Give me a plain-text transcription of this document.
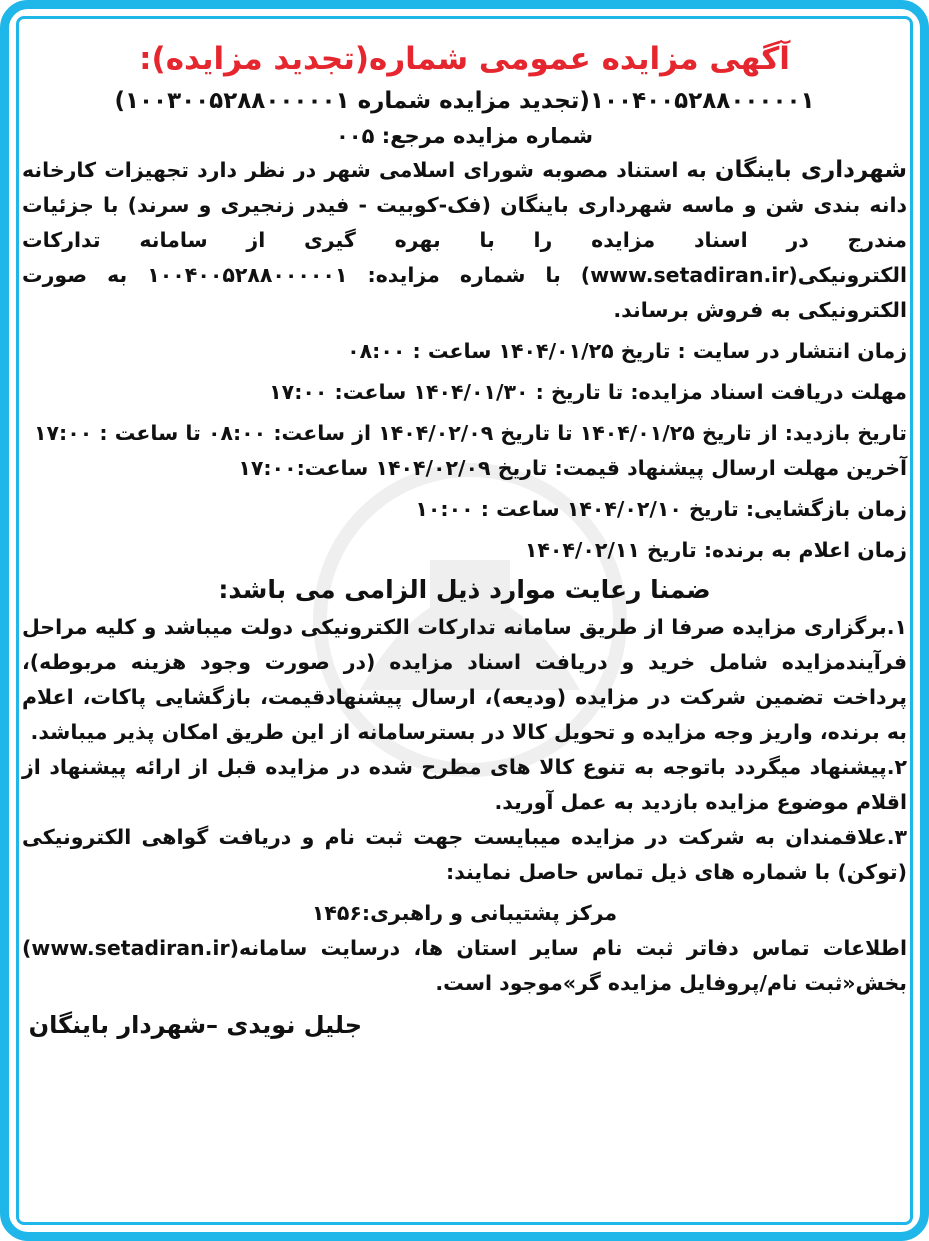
آگهی مزایده عمومی شماره(تجدید مزایده):
۱۰۰۴۰۰۵۲۸۸۰۰۰۰۰۱(تجدید مزایده شماره ۱۰۰۳۰۰۵۲۸۸۰۰۰۰۰۱)
شماره مزایده مرجع: ۰۰۵

شهرداری باینگان به استناد مصوبه شورای اسلامی شهر در نظر دارد تجهیزات کارخانه دانه بندی شن و ماسه شهرداری باینگان (فک-کوبیت - فیدر زنجیری و سرند) با جزئیات مندرج در اسناد مزایده را با بهره گیری از سامانه تدارکات الکترونیکی(www.setadiran.ir) با شماره مزایده: ۱۰۰۴۰۰۵۲۸۸۰۰۰۰۰۱ به صورت الکترونیکی به فروش برساند.

زمان انتشار در سایت : تاریخ ۱۴۰۴/۰۱/۲۵ ساعت : ۰۸:۰۰

مهلت دریافت اسناد مزایده: تا تاریخ : ۱۴۰۴/۰۱/۳۰ ساعت: ۱۷:۰۰

تاریخ بازدید: از تاریخ ۱۴۰۴/۰۱/۲۵ تا تاریخ ۱۴۰۴/۰۲/۰۹ از ساعت: ۰۸:۰۰ تا ساعت : ۱۷:۰۰

آخرین مهلت ارسال پیشنهاد قیمت: تاریخ ۱۴۰۴/۰۲/۰۹ ساعت:۱۷:۰۰

زمان بازگشایی: تاریخ ۱۴۰۴/۰۲/۱۰ ساعت : ۱۰:۰۰

زمان اعلام به برنده: تاریخ ۱۴۰۴/۰۲/۱۱

ضمنا رعایت موارد ذیل الزامی می باشد:

۱.برگزاری مزایده صرفا از طریق سامانه تدارکات الکترونیکی دولت میباشد و کلیه مراحل فرآیندمزایده شامل خرید و دریافت اسناد مزایده (در صورت وجود هزینه مربوطه)، پرداخت تضمین شرکت در مزایده (ودیعه)، ارسال پیشنهادقیمت، بازگشایی پاکات، اعلام به برنده، واریز وجه مزایده و تحویل کالا در بسترسامانه از این طریق امکان پذیر میباشد.

۲.پیشنهاد میگردد باتوجه به تنوع کالا های مطرح شده در مزایده قبل از ارائه پیشنهاد از اقلام موضوع مزایده بازدید به عمل آورید.

۳.علاقمندان به شرکت در مزایده میبایست جهت ثبت نام و دریافت گواهی الکترونیکی (توکن) با شماره های ذیل تماس حاصل نمایند:

مرکز پشتیبانی و راهبری:۱۴۵۶

اطلاعات تماس دفاتر ثبت نام سایر استان ها، درسایت سامانه(www.setadiran.ir) بخش«ثبت نام/پروفایل مزایده گر»موجود است.

جلیل نویدی –شهردار باینگان
